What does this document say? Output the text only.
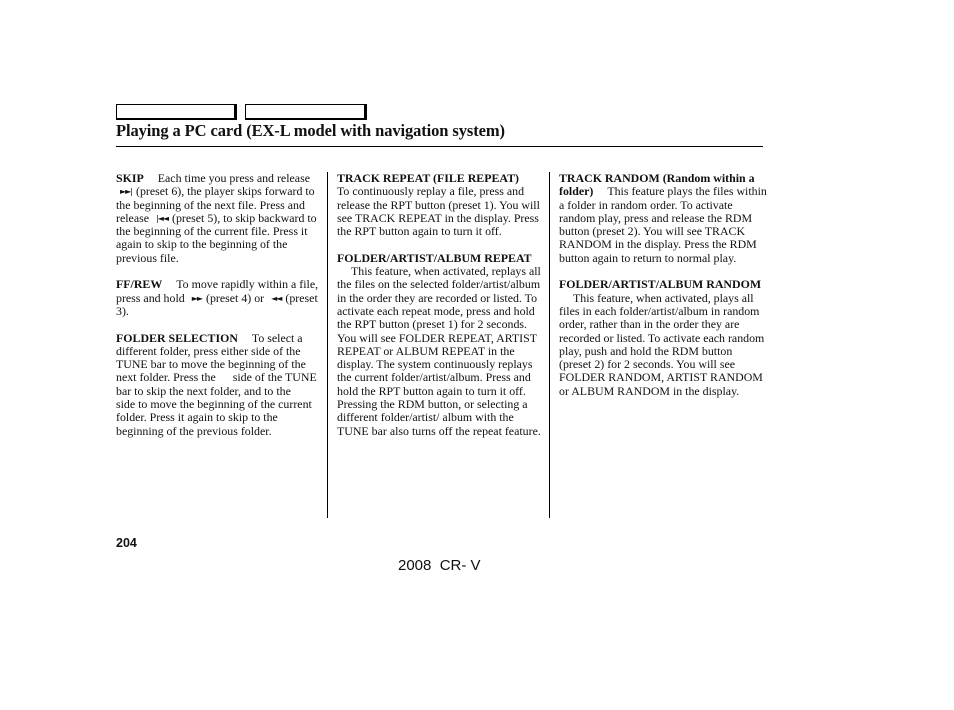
Playing a PC card (EX-L model with navigation system)

SKIP Each time you press and release ►►| (preset 6), the player skips forward to the beginning of the next file. Press and release |◄◄ (preset 5), to skip backward to the beginning of the current file. Press it again to skip to the beginning of the previous file.

FF/REW To move rapidly within a file, press and hold ►► (preset 4) or ◄◄ (preset 3).

FOLDER SELECTION To select a different folder, press either side of the TUNE bar to move the beginning of the next folder. Press the side of the TUNE bar to skip the next folder, and to the side to move the beginning of the current folder. Press it again to skip to the beginning of the previous folder.

TRACK REPEAT (FILE REPEAT)To continuously replay a file, press and release the RPT button (preset 1). You will see TRACK REPEAT in the display. Press the RPT button again to turn it off.

FOLDER/ARTIST/ALBUM REPEATThis feature, when activated, replays all the files on the selected folder/artist/album in the order they are recorded or listed. To activate each repeat mode, press and hold the RPT button (preset 1) for 2 seconds. You will see FOLDER REPEAT, ARTIST REPEAT or ALBUM REPEAT in the display. The system continuously replays the current folder/artist/album. Press and hold the RPT button again to turn it off. Pressing the RDM button, or selecting a different folder/artist/ album with the TUNE bar also turns off the repeat feature.

TRACK RANDOM (Random within a folder) This feature plays the files within a folder in random order. To activate random play, press and release the RDM button (preset 2). You will see TRACK RANDOM in the display. Press the RDM button again to return to normal play.

FOLDER/ARTIST/ALBUM RANDOMThis feature, when activated, plays all files in each folder/artist/album in random order, rather than in the order they are recorded or listed. To activate each random play, push and hold the RDM button (preset 2) for 2 seconds. You will see FOLDER RANDOM, ARTIST RANDOM or ALBUM RANDOM in the display.

204
2008  CR- V
